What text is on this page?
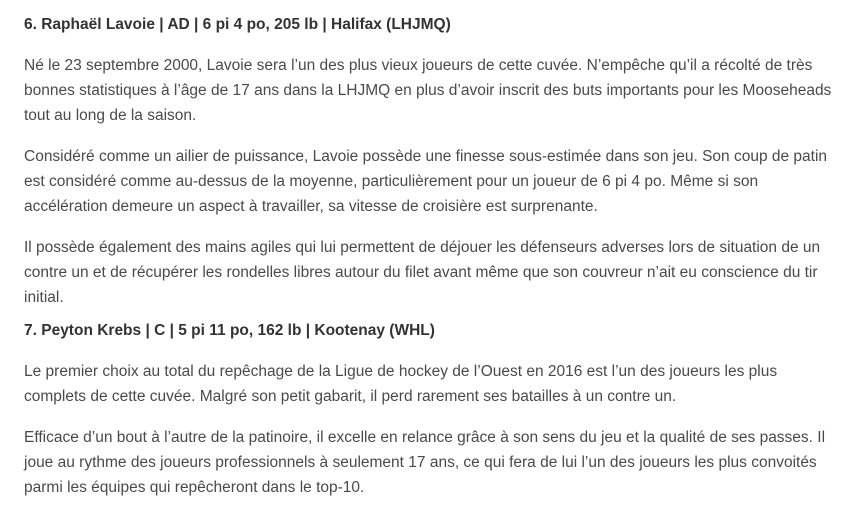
6. Raphaël Lavoie | AD | 6 pi 4 po, 205 lb | Halifax (LHJMQ)

Né le 23 septembre 2000, Lavoie sera l’un des plus vieux joueurs de cette cuvée. N’empêche qu’il a récolté de très bonnes statistiques à l’âge de 17 ans dans la LHJMQ en plus d’avoir inscrit des buts importants pour les Mooseheads tout au long de la saison.

Considéré comme un ailier de puissance, Lavoie possède une finesse sous-estimée dans son jeu. Son coup de patin est considéré comme au-dessus de la moyenne, particulièrement pour un joueur de 6 pi 4 po. Même si son accélération demeure un aspect à travailler, sa vitesse de croisière est surprenante.

Il possède également des mains agiles qui lui permettent de déjouer les défenseurs adverses lors de situation de un contre un et de récupérer les rondelles libres autour du filet avant même que son couvreur n’ait eu conscience du tir initial.

7. Peyton Krebs | C | 5 pi 11 po, 162 lb | Kootenay (WHL)

Le premier choix au total du repêchage de la Ligue de hockey de l’Ouest en 2016 est l’un des joueurs les plus complets de cette cuvée. Malgré son petit gabarit, il perd rarement ses batailles à un contre un.

Efficace d’un bout à l’autre de la patinoire, il excelle en relance grâce à son sens du jeu et la qualité de ses passes. Il joue au rythme des joueurs professionnels à seulement 17 ans, ce qui fera de lui l’un des joueurs les plus convoités parmi les équipes qui repêcheront dans le top-10.
